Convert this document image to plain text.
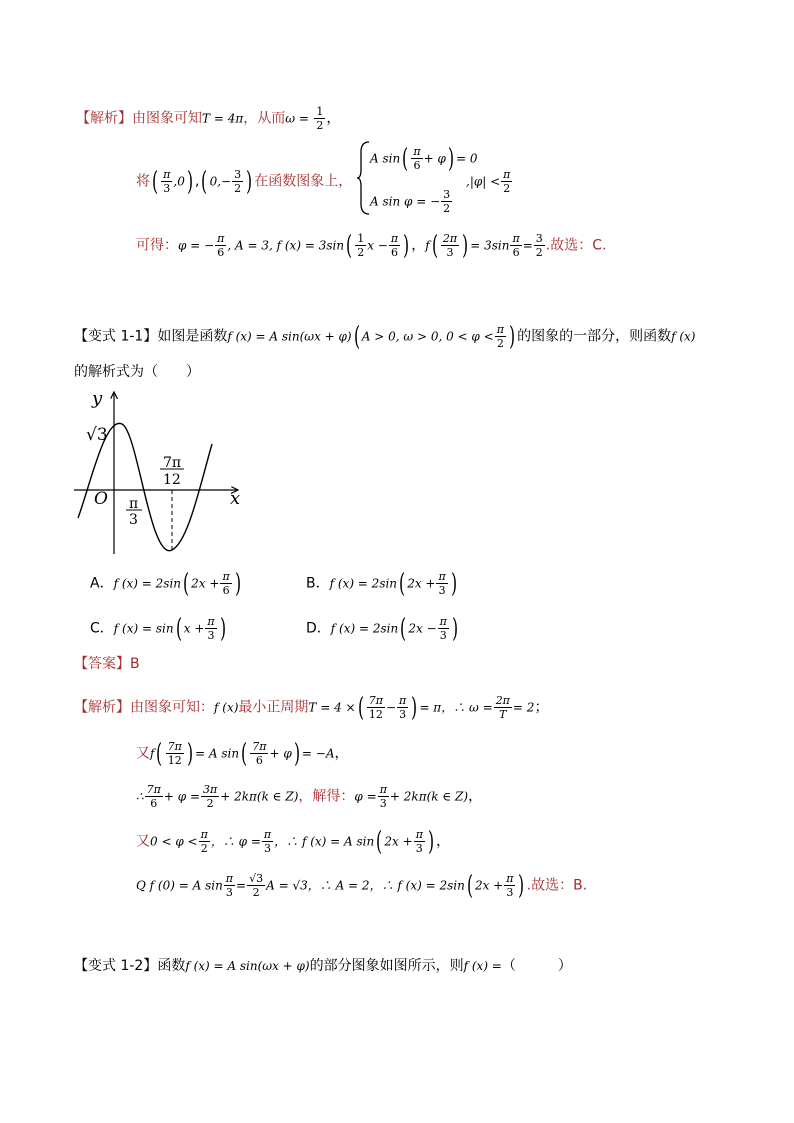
【解析】由图象可知T = 4π，从而$\omega = \frac{1}{2}$ ，
将( $\frac{\pi}{3} ,0$) ,( $0,- \frac{3}{2}$ ) 在函数图象上，
A $\sin( \frac{\pi}{6} + \varphi) = 0$
$,|\varphi| < \frac{\pi}{2}$
A sin φ = − $\frac{3}{2}$
可得：φ = − $\frac{\pi}{6}$ , A = 3, f $(x) = 3\sin( \frac{1}{2}$ $x - \frac{\pi}{6}$ ) ，$f( \frac{2\pi}{3}$ ) = $3\sin \frac{\pi}{6} = \frac{3}{2}$ .故选：C.
【变式 1-1】如图是函数f (x) = A sin(ωx + φ)( A > 0, ω > 0, $0 < \varphi < \frac{\pi}{2}$ ) 的图象的一部分，则函数f (x)
的解析式为（　　）
y
x
O
√3
π
3
7π
12
A．f (x) = 2sin( $2x + \frac{\pi}{6}$ )	B．f (x) = 2sin( $2x + \frac{\pi}{3}$ )
C．f (x) = sin( $x + \frac{\pi}{3}$ )	D．f (x) = 2sin( $2x - \frac{\pi}{3}$ )
【答案】B
【解析】由图象可知：f (x)最小正周期T = 4 ×( $\frac{7\pi}{12} - \frac{\pi}{3}$ ) = π，∴ $\omega = \frac{2\pi}{T} = 2$；
又$f( \frac{7\pi}{12}$ ) = A $\sin( \frac{7\pi}{6} + \varphi) = -A$，
∴ $\frac{7\pi}{6} + \varphi = \frac{3\pi}{2} + 2k\pi(k$ ∈ Z)，解得：$\varphi = \frac{\pi}{3} + 2k\pi(k$ ∈ Z)，
又$0 < \varphi < \frac{\pi}{2}$ ，∴ $\varphi = \frac{\pi}{3}$ ，∴ f (x) = A sin( $2x + \frac{\pi}{3}$ ) ，
Q f (0) = A $\sin \frac{\pi}{3} = \frac{√3}{2}$ A = √3，∴ A = 2，∴ f (x) = 2sin( $2x + \frac{\pi}{3}$ ) .故选：B.
【变式 1-2】函数f (x) = A sin(ωx + φ)的部分图象如图所示，则f (x) =（　　　）
